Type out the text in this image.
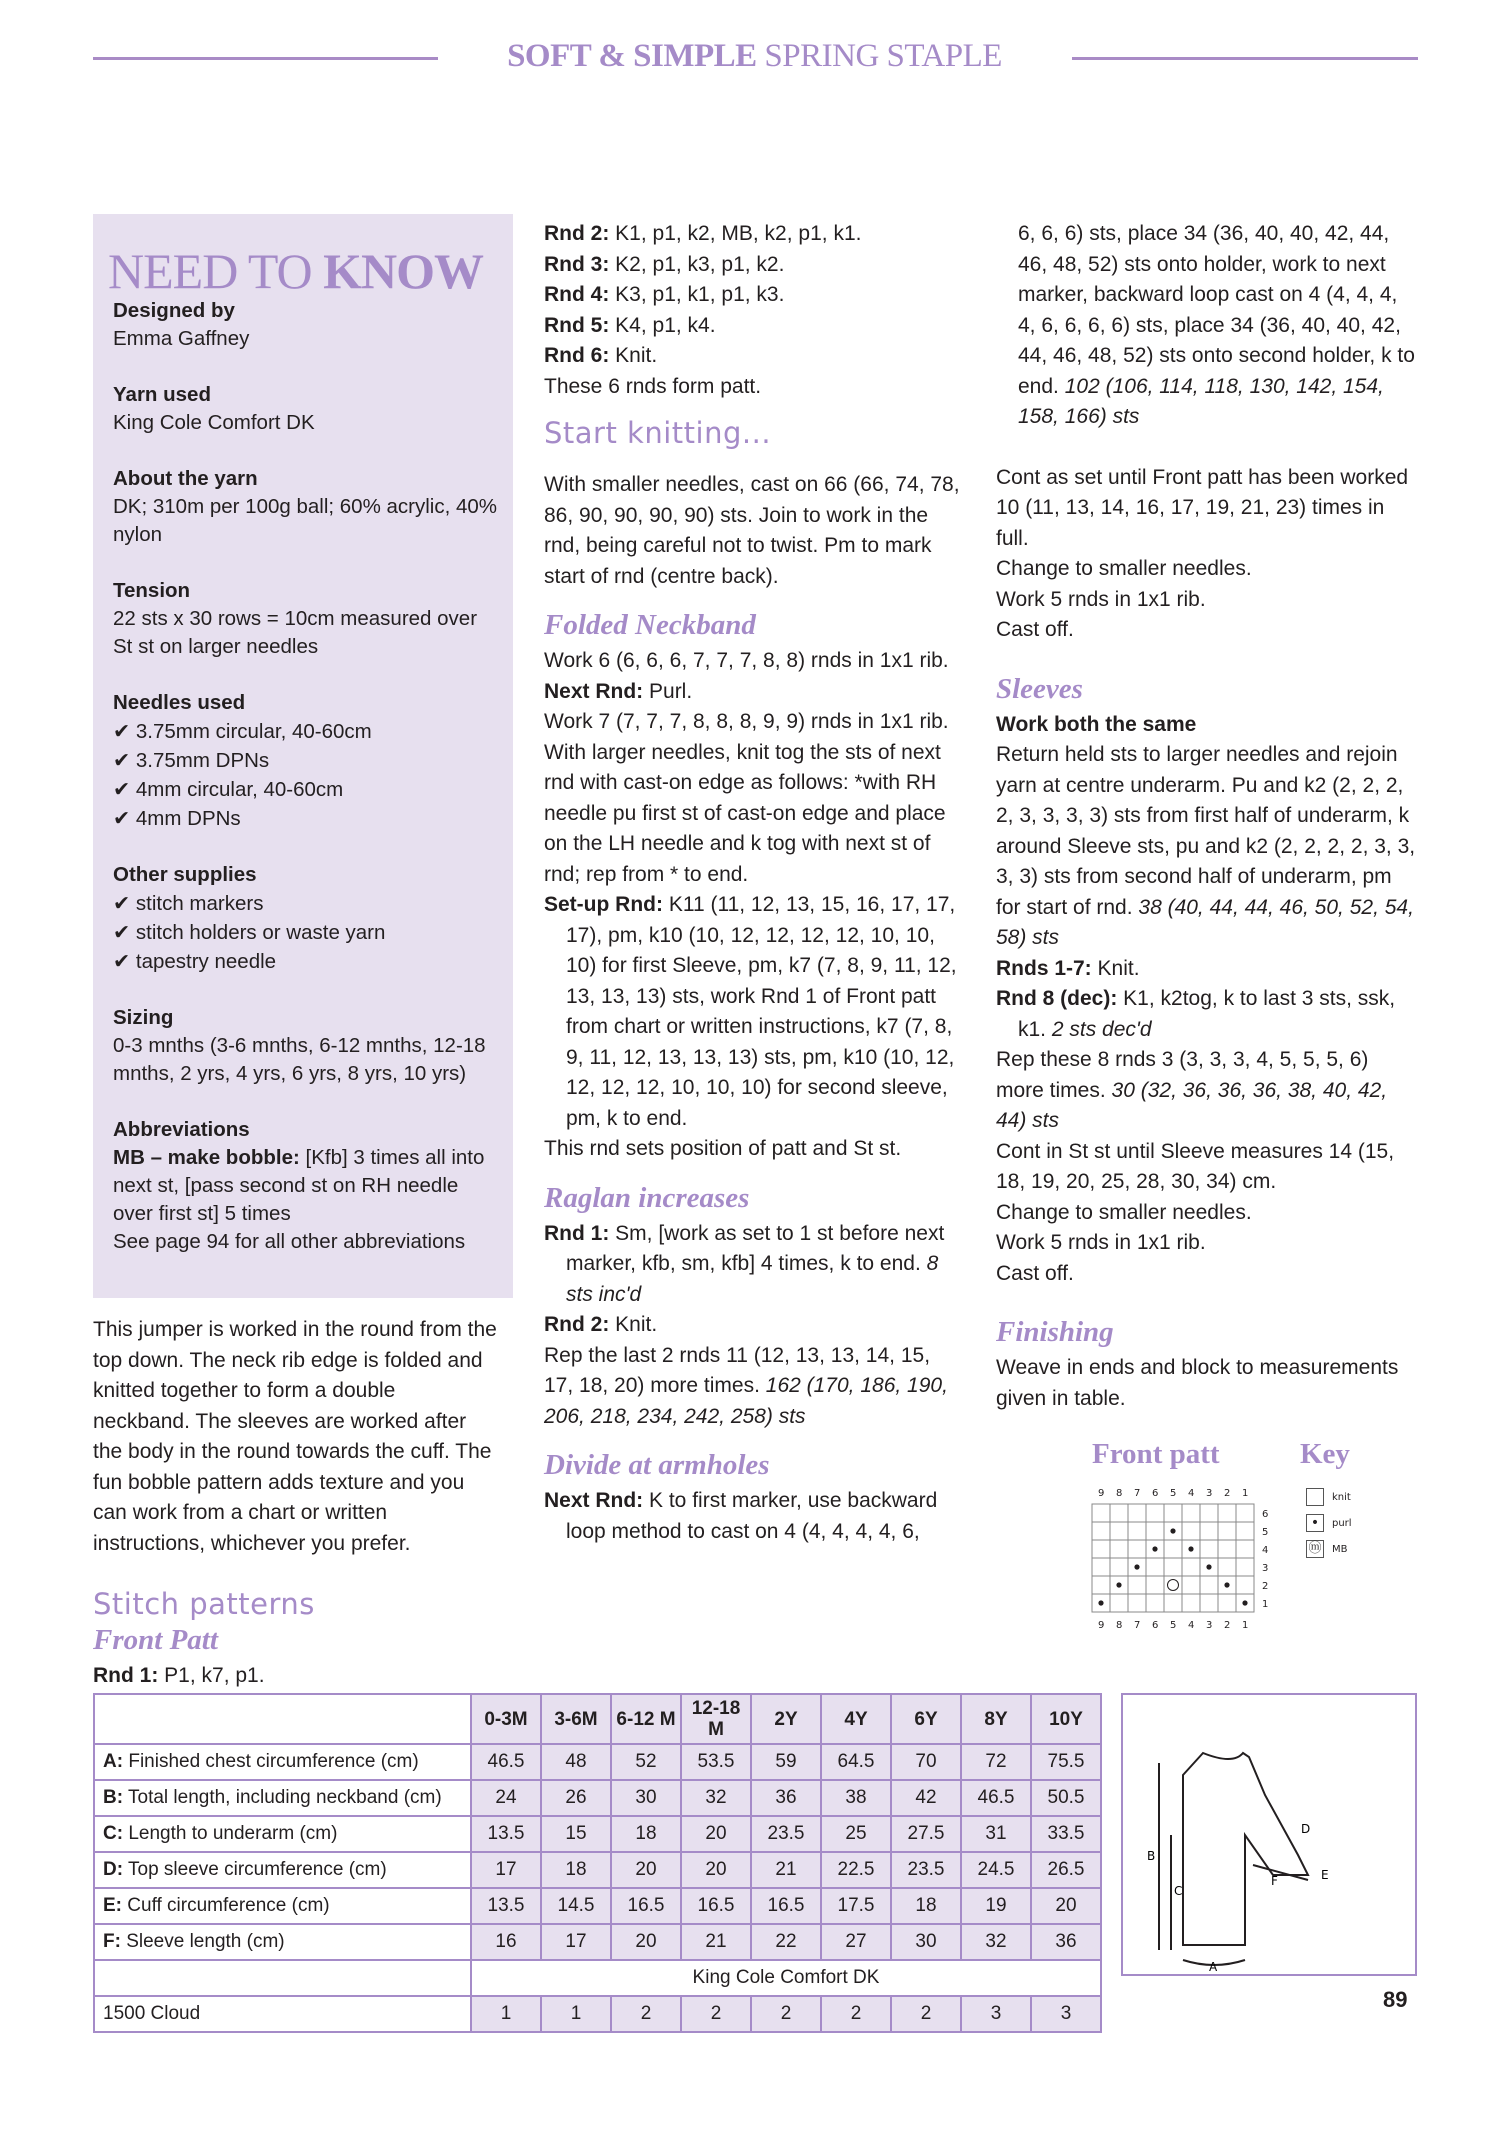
SOFT & SIMPLE SPRING STAPLE
NEED TO KNOW

Designed by

Emma Gaffney

Yarn used

King Cole Comfort DK

About the yarn

DK; 310m per 100g ball; 60% acrylic, 40% nylon

Tension

22 sts x 30 rows = 10cm measured over St st on larger needles

Needles used

✔ 3.75mm circular, 40-60cm

✔ 3.75mm DPNs

✔ 4mm circular, 40-60cm

✔ 4mm DPNs

Other supplies

✔ stitch markers

✔ stitch holders or waste yarn

✔ tapestry needle

Sizing

0-3 mnths (3-6 mnths, 6-12 mnths, 12-18 mnths, 2 yrs, 4 yrs, 6 yrs, 8 yrs, 10 yrs)

Abbreviations

MB – make bobble: [Kfb] 3 times all into next st, [pass second st on RH needle over first st] 5 times

See page 94 for all other abbreviations

This jumper is worked in the round from the top down. The neck rib edge is folded and knitted together to form a double neckband. The sleeves are worked after the body in the round towards the cuff. The fun bobble pattern adds texture and you can work from a chart or written instructions, whichever you prefer.

Stitch patterns

Front Patt

Rnd 1: P1, k7, p1.

Rnd 2: K1, p1, k2, MB, k2, p1, k1.

Rnd 3: K2, p1, k3, p1, k2.

Rnd 4: K3, p1, k1, p1, k3.

Rnd 5: K4, p1, k4.

Rnd 6: Knit.

These 6 rnds form patt.

Start knitting...

With smaller needles, cast on 66 (66, 74, 78, 86, 90, 90, 90, 90) sts. Join to work in the rnd, being careful not to twist. Pm to mark start of rnd (centre back).

Folded Neckband

Work 6 (6, 6, 6, 7, 7, 7, 8, 8) rnds in 1x1 rib.

Next Rnd: Purl.

Work 7 (7, 7, 7, 8, 8, 8, 9, 9) rnds in 1x1 rib.

With larger needles, knit tog the sts of next rnd with cast-on edge as follows: *with RH needle pu first st of cast-on edge and place on the LH needle and k tog with next st of rnd; rep from * to end.

Set-up Rnd: K11 (11, 12, 13, 15, 16, 17, 17, 17), pm, k10 (10, 12, 12, 12, 12, 10, 10, 10) for first Sleeve, pm, k7 (7, 8, 9, 11, 12, 13, 13, 13) sts, work Rnd 1 of Front patt from chart or written instructions, k7 (7, 8, 9, 11, 12, 13, 13, 13) sts, pm, k10 (10, 12, 12, 12, 12, 10, 10, 10) for second sleeve, pm, k to end.

This rnd sets position of patt and St st.

Raglan increases

Rnd 1: Sm, [work as set to 1 st before next marker, kfb, sm, kfb] 4 times, k to end. 8 sts inc'd

Rnd 2: Knit.

Rep the last 2 rnds 11 (12, 13, 13, 14, 15, 17, 18, 20) more times. 162 (170, 186, 190, 206, 218, 234, 242, 258) sts

Divide at armholes

Next Rnd: K to first marker, use backward loop method to cast on 4 (4, 4, 4, 4, 6,

6, 6, 6) sts, place 34 (36, 40, 40, 42, 44, 46, 48, 52) sts onto holder, work to next marker, backward loop cast on 4 (4, 4, 4, 4, 6, 6, 6, 6) sts, place 34 (36, 40, 40, 42, 44, 46, 48, 52) sts onto second holder, k to end. 102 (106, 114, 118, 130, 142, 154, 158, 166) sts

Cont as set until Front patt has been worked 10 (11, 13, 14, 16, 17, 19, 21, 23) times in full.

Change to smaller needles.

Work 5 rnds in 1x1 rib.

Cast off.

Sleeves

Work both the same

Return held sts to larger needles and rejoin yarn at centre underarm. Pu and k2 (2, 2, 2, 2, 3, 3, 3, 3) sts from first half of underarm, k around Sleeve sts, pu and k2 (2, 2, 2, 2, 3, 3, 3, 3) sts from second half of underarm, pm for start of rnd. 38 (40, 44, 44, 46, 50, 52, 54, 58) sts

Rnds 1-7: Knit.

Rnd 8 (dec): K1, k2tog, k to last 3 sts, ssk, k1. 2 sts dec'd

Rep these 8 rnds 3 (3, 3, 3, 4, 5, 5, 5, 6) more times. 30 (32, 36, 36, 36, 38, 40, 42, 44) sts

Cont in St st until Sleeve measures 14 (15, 18, 19, 20, 25, 28, 30, 34) cm.

Change to smaller needles.

Work 5 rnds in 1x1 rib.

Cast off.

Finishing

Weave in ends and block to measurements given in table.

Front patt
9
9
8
8
7
7
6
6
5
5
4
4
3
3
2
2
1
1
6
5
4
3
2
1
Key
knit
•	purl
ⓜ MB
	0-3M	3-6M	6-12 M	12-18 M	2Y	4Y	6Y	8Y	10Y
A: Finished chest circumference (cm)	46.5	48	52	53.5	59	64.5	70	72	75.5
B: Total length, including neckband (cm)	24	26	30	32	36	38	42	46.5	50.5
C: Length to underarm (cm)	13.5	15	18	20	23.5	25	27.5	31	33.5
D: Top sleeve circumference (cm)	17	18	20	20	21	22.5	23.5	24.5	26.5
E: Cuff circumference (cm)	13.5	14.5	16.5	16.5	16.5	17.5	18	19	20
F: Sleeve length (cm)	16	17	20	21	22	27	30	32	36
	King Cole Comfort DK								
1500 Cloud	1	1	2	2	2	2	2	3	3
B
C
D
E
F
A
89
